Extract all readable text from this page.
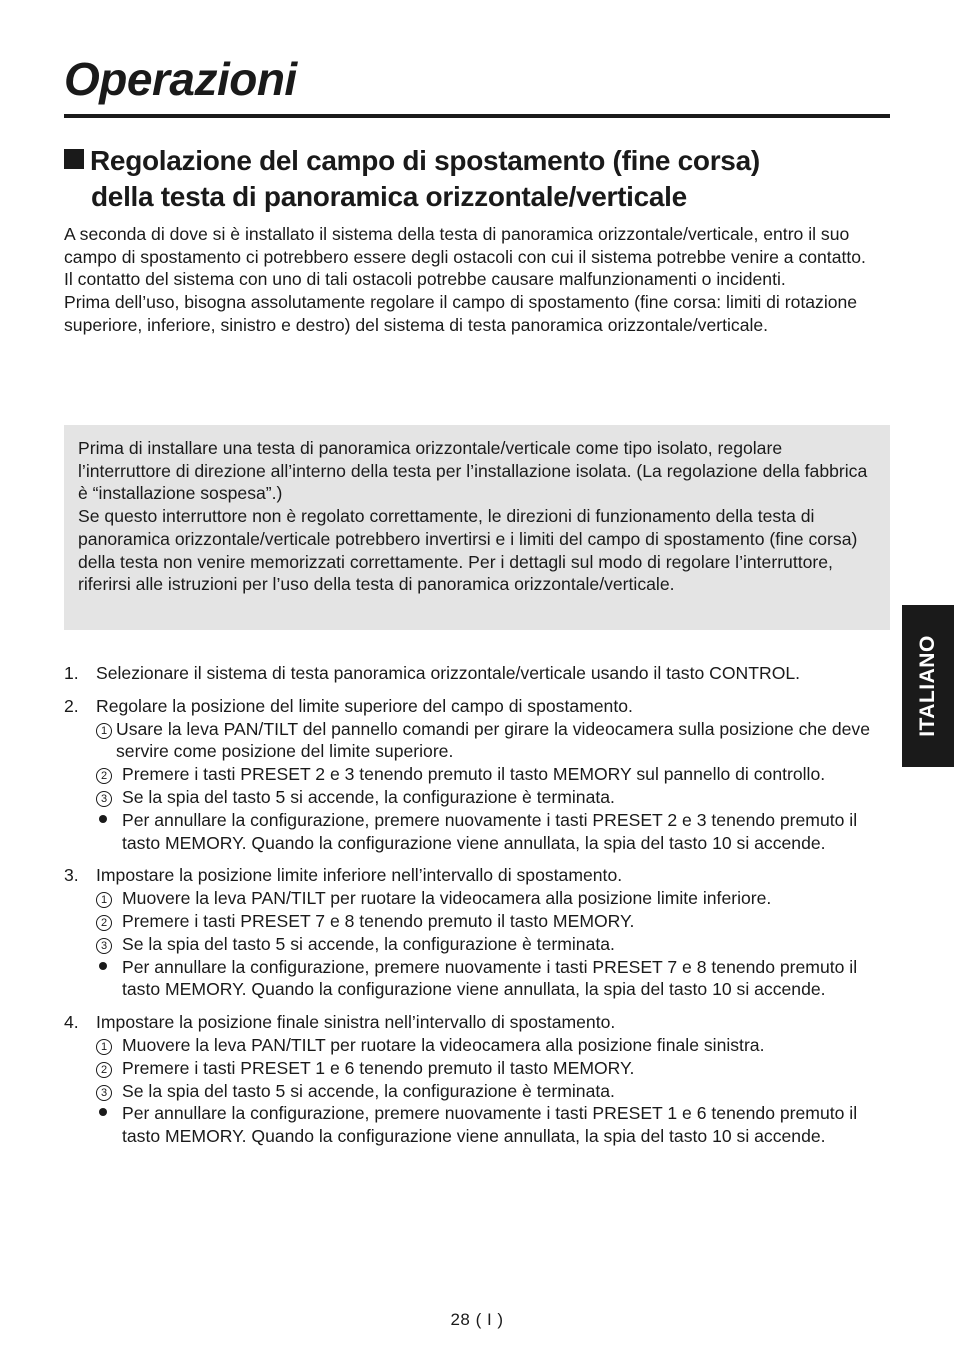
Operazioni
Regolazione del campo di spostamento (fine corsa)
della testa di panoramica orizzontale/verticale

A seconda di dove si è installato il sistema della testa di panoramica orizzontale/verticale, entro il suo campo di spostamento ci potrebbero essere degli ostacoli con cui il sistema potrebbe venire a contatto.

Il contatto del sistema con uno di tali ostacoli potrebbe causare malfunzionamenti o incidenti.

Prima dell’uso, bisogna assolutamente regolare il campo di spostamento (fine corsa: limiti di rotazione superiore, inferiore, sinistro e destro) del sistema di testa panoramica orizzontale/verticale.

Prima di installare una testa di panoramica orizzontale/verticale come tipo isolato, regolare l’interruttore di direzione all’interno della testa per l’installazione isolata. (La regolazione della fabbrica è “installazione sospesa”.)

Se questo interruttore non è regolato correttamente, le direzioni di funzionamento della testa di panoramica orizzontale/verticale potrebbero invertirsi e i limiti del campo di spostamento (fine corsa) della testa non venire memorizzati correttamente. Per i dettagli sul modo di regolare l’interruttore, riferirsi alle istruzioni per l’uso della testa di panoramica orizzontale/verticale.

1. Selezionare il sistema di testa panoramica orizzontale/verticale usando il tasto CONTROL.
2. Regolare la posizione del limite superiore del campo di spostamento.
1 Usare la leva PAN/TILT del pannello comandi per girare la videocamera sulla posizione che deve servire come posizione del limite superiore.
2 Premere i tasti PRESET 2 e 3 tenendo premuto il tasto MEMORY sul pannello di controllo.
3 Se la spia del tasto 5 si accende, la configurazione è terminata.
Per annullare la configurazione, premere nuovamente i tasti PRESET 2 e 3 tenendo premuto il tasto MEMORY. Quando la configurazione viene annullata, la spia del tasto 10 si accende.
3. Impostare la posizione limite inferiore nell’intervallo di spostamento.
1 Muovere la leva PAN/TILT per ruotare la videocamera alla posizione limite inferiore.
2 Premere i tasti PRESET 7 e 8 tenendo premuto il tasto MEMORY.
3 Se la spia del tasto 5 si accende, la configurazione è terminata.
Per annullare la configurazione, premere nuovamente i tasti PRESET 7 e 8 tenendo premuto il tasto MEMORY. Quando la configurazione viene annullata, la spia del tasto 10 si accende.
4. Impostare la posizione finale sinistra nell’intervallo di spostamento.
1 Muovere la leva PAN/TILT per ruotare la videocamera alla posizione finale sinistra.
2 Premere i tasti PRESET 1 e 6 tenendo premuto il tasto MEMORY.
3 Se la spia del tasto 5 si accende, la configurazione è terminata.
Per annullare la configurazione, premere nuovamente i tasti PRESET 1 e 6 tenendo premuto il tasto MEMORY. Quando la configurazione viene annullata, la spia del tasto 10 si accende.
ITALIANO
28 ( I )
